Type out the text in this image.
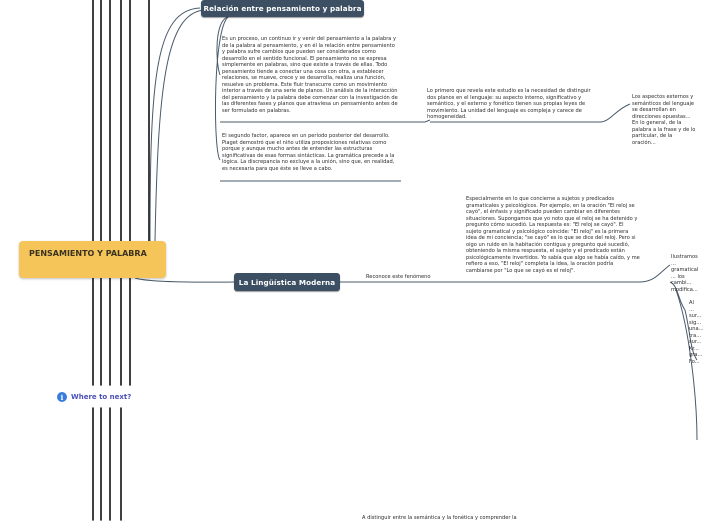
PENSAMIENTO Y PALABRA
Relación entre pensamiento y palabra
La Lingüística Moderna
Es un proceso, un continuo ir y venir del pensamiento a la palabra y de la palabra al pensamiento, y en él la relación entre pensamiento y palabra sufre cambios que pueden ser considerados como desarrollo en el sentido funcional. El pensamiento no se expresa simplemente en palabras, sino que existe a través de ellas. Todo pensamiento tiende a conectar una cosa con otra, a establecer relaciones, se mueve, crece y se desarrolla, realiza una función, resuelve un problema. Este fluir transcurre como un movimiento interior a través de una serie de planos. Un análisis de la interacción del pensamiento y la palabra debe comenzar con la investigación de las diferentes fases y planos que atraviesa un pensamiento antes de ser formulado en palabras.
El segundo factor, aparece en un período posterior del desarrollo. Piaget demostró que el niño utiliza proposiciones relativas como porque y aunque mucho antes de entender las estructuras significativas de esas formas sintácticas. La gramática precede a la lógica. La discrepancia no excluye a la unión, sino que, en realidad, es necesaria para que éste se lleve a cabo.
Lo primero que revela este estudio es la necesidad de distinguir dos planos en el lenguaje: su aspecto interno, significativo y semántico, y el externo y fonético tienen sus propias leyes de movimiento. La unidad del lenguaje es compleja y carece de homogeneidad.
Los aspectos externos y semánticos del lenguaje se desarrollan en direcciones opuestas... En lo general, de la palabra a la frase y de lo particular, de la oración...
Especialmente en lo que concierne a sujetos y predicados gramaticales y psicológicos. Por ejemplo, en la oración "El reloj se cayó", el énfasis y significado pueden cambiar en diferentes situaciones. Supongamos que yo noto que el reloj se ha detenido y pregunto cómo sucedió. La respuesta es: "El reloj se cayó". El sujeto gramatical y psicológico coincide: "El reloj" es la primera idea de mi conciencia; "se cayó" es lo que se dice del reloj. Pero si oigo un ruido en la habitación contigua y pregunto qué sucedió, obteniendo la misma respuesta, el sujeto y el predicado están psicológicamente invertidos. Yo sabía que algo se había caído, y me refiero a eso, "El reloj" completa la idea, la oración podría cambiarse por "Lo que se cayó es el reloj".
Reconoce este fenómeno
Ilustramos ... gramatical ... los cambi... modifica...
Al ... sur... sig... una... tra... sur... Kr... gra... Fo...
A distinguir entre la semántica y la fonética y comprender la
i	Where to next?
